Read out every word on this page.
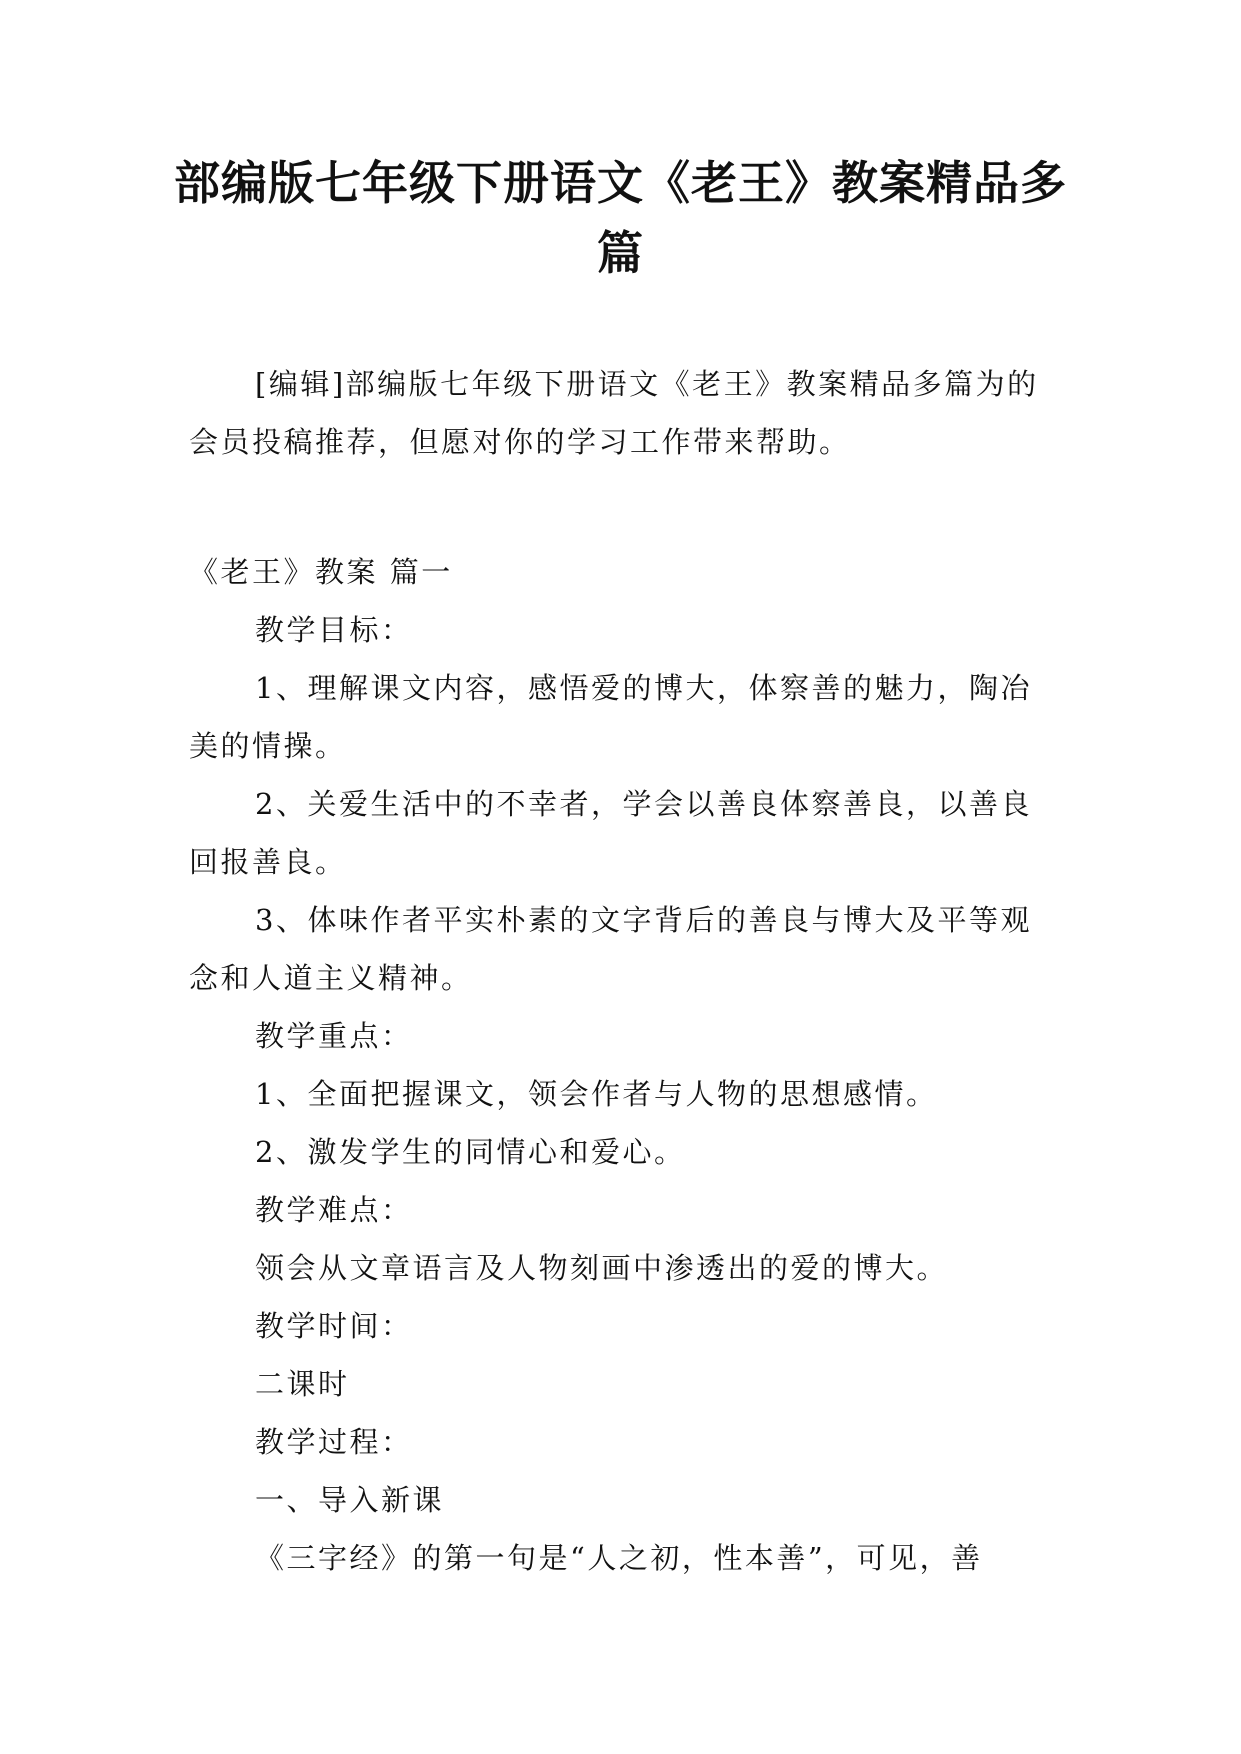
部编版七年级下册语文《老王》教案精品多篇

[编辑]部编版七年级下册语文《老王》教案精品多篇为的会员投稿推荐，但愿对你的学习工作带来帮助。

《老王》教案 篇一

教学目标：

1、理解课文内容，感悟爱的博大，体察善的魅力，陶冶美的情操。

2、关爱生活中的不幸者，学会以善良体察善良，以善良回报善良。

3、体味作者平实朴素的文字背后的善良与博大及平等观念和人道主义精神。

教学重点：

1、全面把握课文，领会作者与人物的思想感情。

2、激发学生的同情心和爱心。

教学难点：

领会从文章语言及人物刻画中渗透出的爱的博大。

教学时间：

二课时

教学过程：

一、导入新课

《三字经》的第一句是“人之初，性本善”，可见，善
